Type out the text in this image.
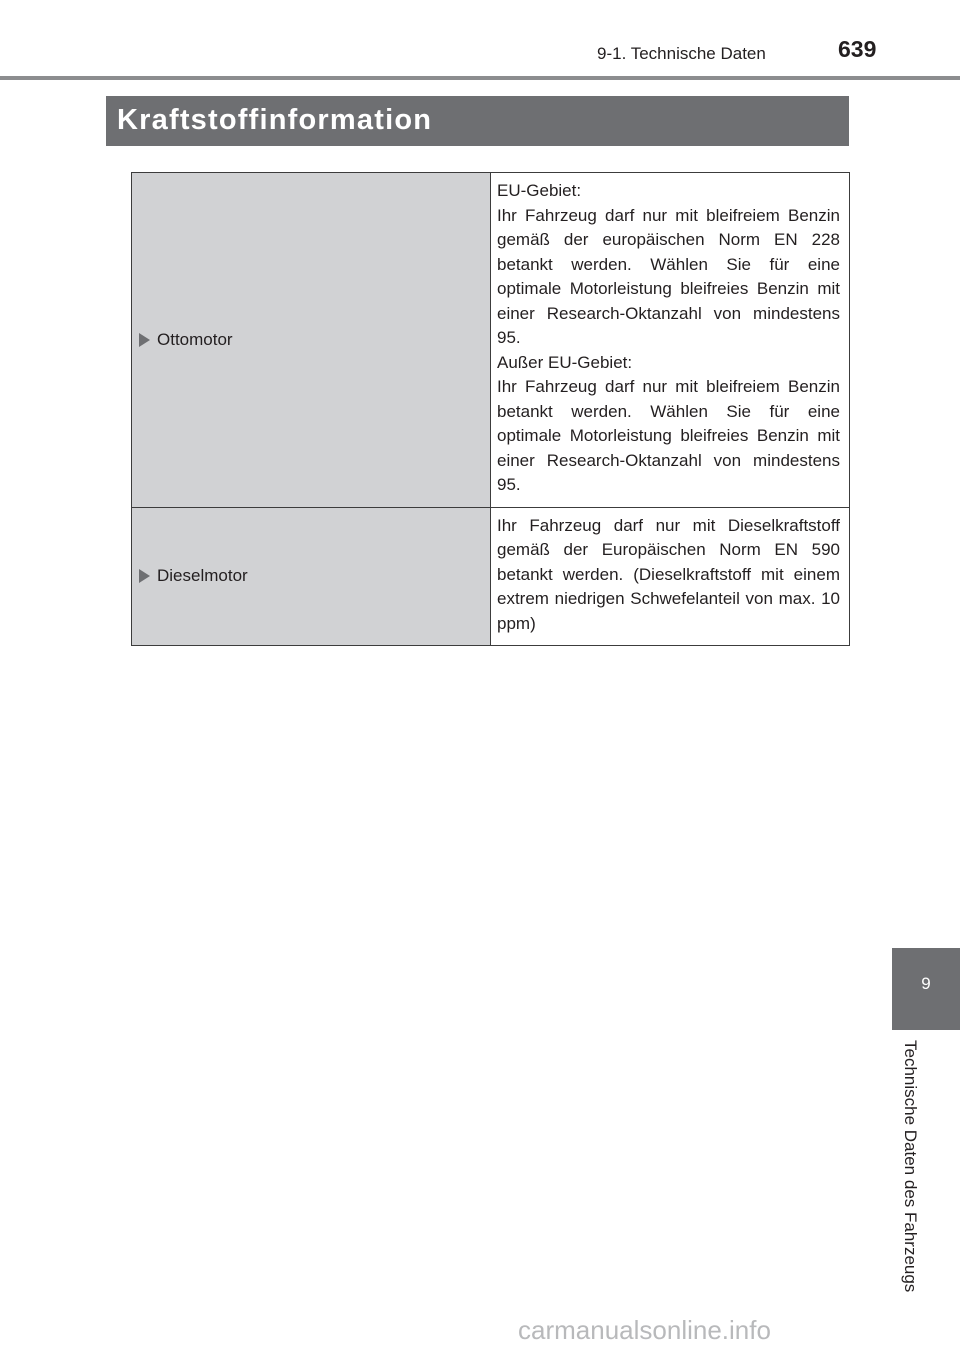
9-1. Technische Daten	639
Kraftstoffinformation
Ottomotor	EU-Gebiet:

Ihr Fahrzeug darf nur mit bleifreiem Benzin gemäß der europäischen Norm EN 228 betankt werden. Wählen Sie für eine optimale Motorleistung bleifreies Benzin mit einer Research-Oktanzahl von mindestens 95.

Außer EU-Gebiet:

Ihr Fahrzeug darf nur mit bleifreiem Benzin betankt werden. Wählen Sie für eine optimale Motorleistung bleifreies Benzin mit einer Research-Oktanzahl von mindestens 95.

Dieselmotor	Ihr Fahrzeug darf nur mit Dieselkraftstoff gemäß der Europäischen Norm EN 590 betankt werden. (Dieselkraftstoff mit einem extrem niedrigen Schwefelanteil von max. 10 ppm)

9
Technische Daten des Fahrzeugs
carmanualsonline.info
